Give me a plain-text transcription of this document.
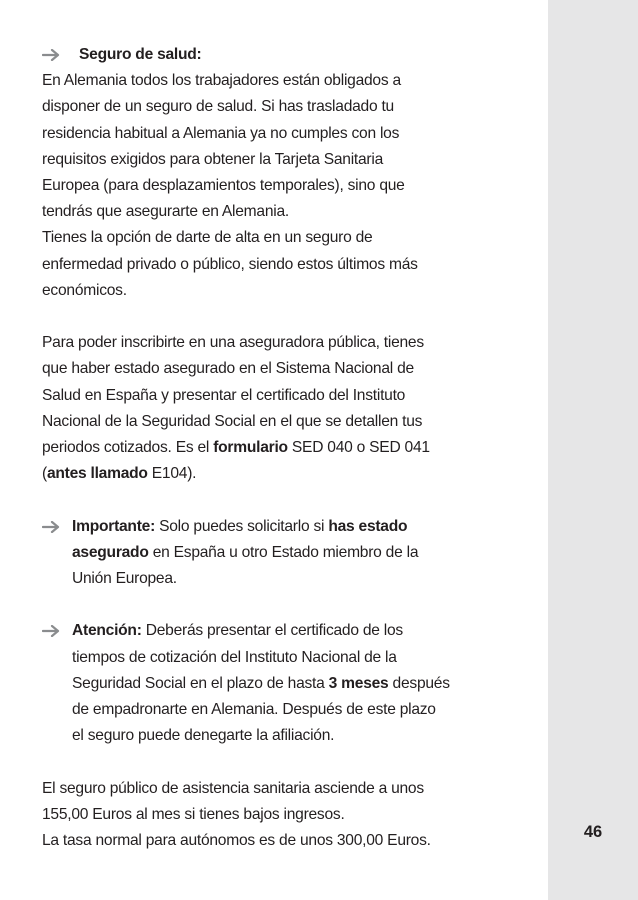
46

Seguro de salud:

En Alemania todos los trabajadores están obligados a

disponer de un seguro de salud. Si has trasladado tu

residencia habitual a Alemania ya no cumples con los

requisitos exigidos para obtener la Tarjeta Sanitaria

Europea (para desplazamientos temporales), sino que

tendrás que asegurarte en Alemania.

Tienes la opción de darte de alta en un seguro de

enfermedad privado o público, siendo estos últimos más

económicos.

Para poder inscribirte en una aseguradora pública, tienes

que haber estado asegurado en el Sistema Nacional de

Salud en España y presentar el certificado del Instituto

Nacional de la Seguridad Social en el que se detallen tus

periodos cotizados. Es el formulario SED 040 o SED 041

(antes llamado E104).

Importante: Solo puedes solicitarlo si has estado

asegurado en España u otro Estado miembro de la

Unión Europea.

Atención: Deberás presentar el certificado de los

tiempos de cotización del Instituto Nacional de la

Seguridad Social en el plazo de hasta 3 meses después

de empadronarte en Alemania. Después de este plazo

el seguro puede denegarte la afiliación.

El seguro público de asistencia sanitaria asciende a unos

155,00 Euros al mes si tienes bajos ingresos.

La tasa normal para autónomos es de unos 300,00 Euros.
